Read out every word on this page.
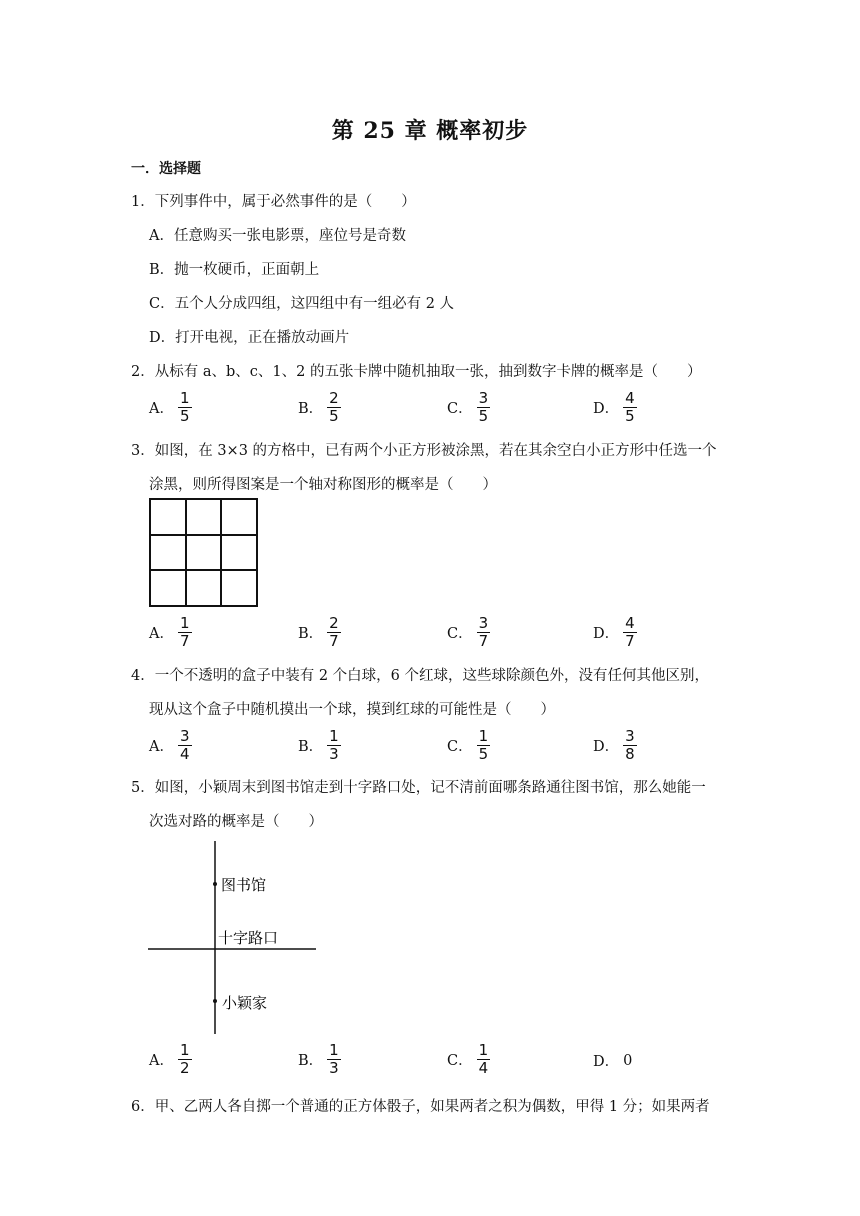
第 25 章 概率初步
一．选择题
1．下列事件中，属于必然事件的是（　　）
A．任意购买一张电影票，座位号是奇数
B．抛一枚硬币，正面朝上
C．五个人分成四组，这四组中有一组必有 2 人
D．打开电视，正在播放动画片
2．从标有 a、b、c、1、2 的五张卡牌中随机抽取一张，抽到数字卡牌的概率是（　　）
A． $\frac{1}{5}$	B． $\frac{2}{5}$	C． $\frac{3}{5}$	D． $\frac{4}{5}$
3．如图，在 3×3 的方格中，已有两个小正方形被涂黑，若在其余空白小正方形中任选一个
涂黑，则所得图案是一个轴对称图形的概率是（　　）
A． $\frac{1}{7}$	B． $\frac{2}{7}$	C． $\frac{3}{7}$	D． $\frac{4}{7}$
4．一个不透明的盒子中装有 2 个白球，6 个红球，这些球除颜色外，没有任何其他区别，
现从这个盒子中随机摸出一个球，摸到红球的可能性是（　　）
A． $\frac{3}{4}$	B． $\frac{1}{3}$	C． $\frac{1}{5}$	D． $\frac{3}{8}$
5．如图，小颖周末到图书馆走到十字路口处，记不清前面哪条路通往图书馆，那么她能一
次选对路的概率是（　　）
图书馆
十字路口
小颖家
A． $\frac{1}{2}$	B． $\frac{1}{3}$	C． $\frac{1}{4}$	D． 0
6．甲、乙两人各自掷一个普通的正方体骰子，如果两者之积为偶数，甲得 1 分；如果两者
